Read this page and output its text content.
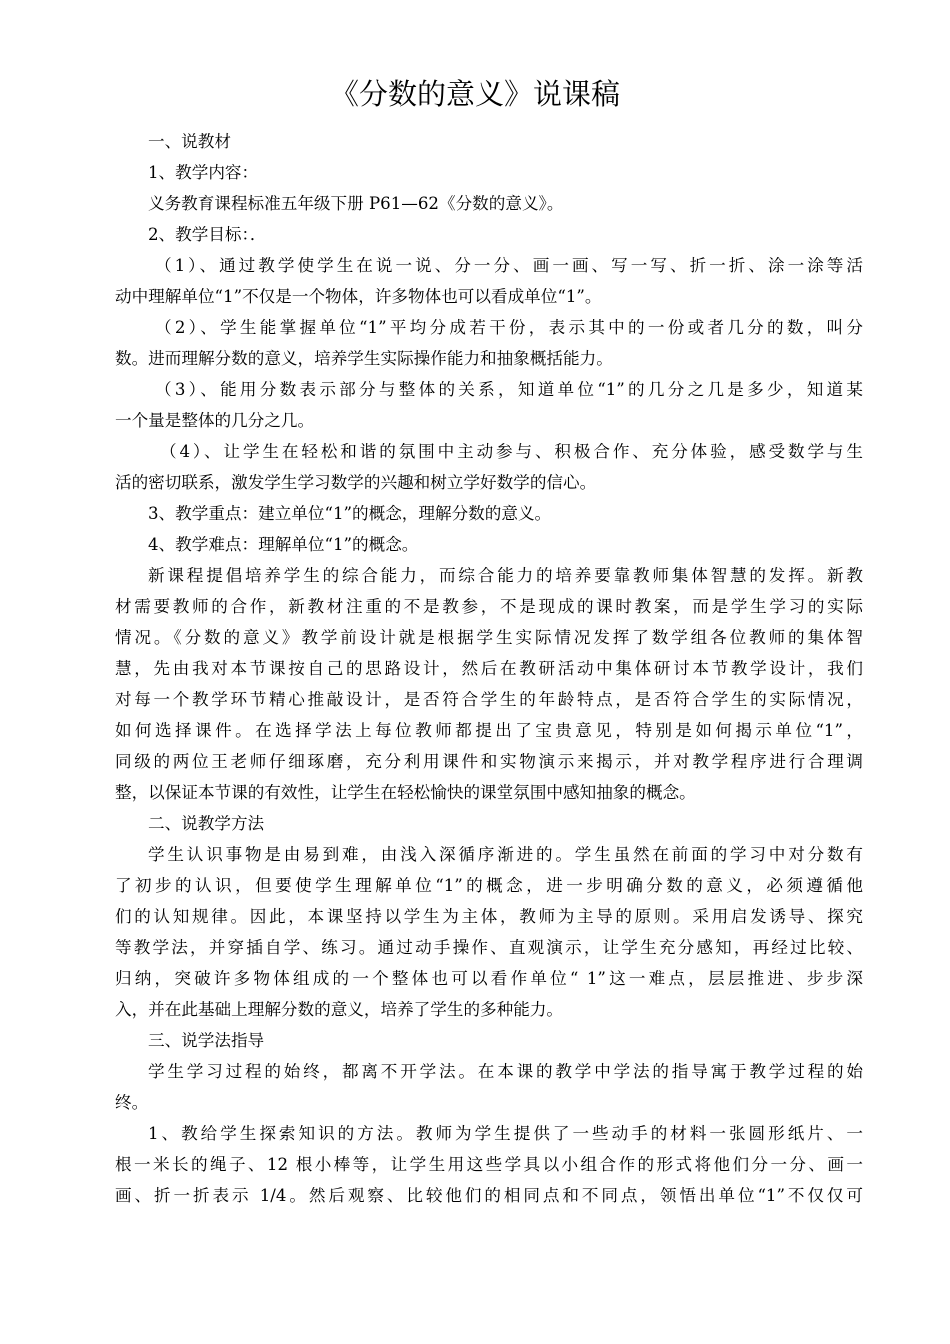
《分数的意义》说课稿
一、说教材
1、教学内容：
义务教育课程标准五年级下册 P61—62《分数的意义》。
2、教学目标：．
（1）、通过教学使学生在说一说、分一分、画一画、写一写、折一折、涂一涂等活
动中理解单位“1”不仅是一个物体，许多物体也可以看成单位“1”。
（2）、学生能掌握单位“1”平均分成若干份，表示其中的一份或者几分的数，叫分
数。进而理解分数的意义，培养学生实际操作能力和抽象概括能力。
（3）、能用分数表示部分与整体的关系，知道单位“1”的几分之几是多少，知道某
一个量是整体的几分之几。
（4）、让学生在轻松和谐的氛围中主动参与、积极合作、充分体验，感受数学与生
活的密切联系，激发学生学习数学的兴趣和树立学好数学的信心。
3、教学重点：建立单位“1”的概念，理解分数的意义。
4、教学难点：理解单位“1”的概念。
新课程提倡培养学生的综合能力，而综合能力的培养要靠教师集体智慧的发挥。新教
材需要教师的合作，新教材注重的不是教参，不是现成的课时教案，而是学生学习的实际
情况。《分数的意义》教学前设计就是根据学生实际情况发挥了数学组各位教师的集体智
慧，先由我对本节课按自己的思路设计，然后在教研活动中集体研讨本节教学设计，我们
对每一个教学环节精心推敲设计，是否符合学生的年龄特点，是否符合学生的实际情况，
如何选择课件。在选择学法上每位教师都提出了宝贵意见，特别是如何揭示单位“1”，
同级的两位王老师仔细琢磨，充分利用课件和实物演示来揭示，并对教学程序进行合理调
整，以保证本节课的有效性，让学生在轻松愉快的课堂氛围中感知抽象的概念。
二、说教学方法
学生认识事物是由易到难，由浅入深循序渐进的。学生虽然在前面的学习中对分数有
了初步的认识，但要使学生理解单位“1”的概念，进一步明确分数的意义，必须遵循他
们的认知规律。因此，本课坚持以学生为主体，教师为主导的原则。采用启发诱导、探究
等教学法，并穿插自学、练习。通过动手操作、直观演示，让学生充分感知，再经过比较、
归纳，突破许多物体组成的一个整体也可以看作单位“ 1”这一难点，层层推进、步步深
入，并在此基础上理解分数的意义，培养了学生的多种能力。
三、说学法指导
学生学习过程的始终，都离不开学法。在本课的教学中学法的指导寓于教学过程的始
终。
1、教给学生探索知识的方法。教师为学生提供了一些动手的材料一张圆形纸片、一
根一米长的绳子、12 根小棒等，让学生用这些学具以小组合作的形式将他们分一分、画一
画、折一折表示 1/4。然后观察、比较他们的相同点和不同点，领悟出单位“1”不仅仅可
